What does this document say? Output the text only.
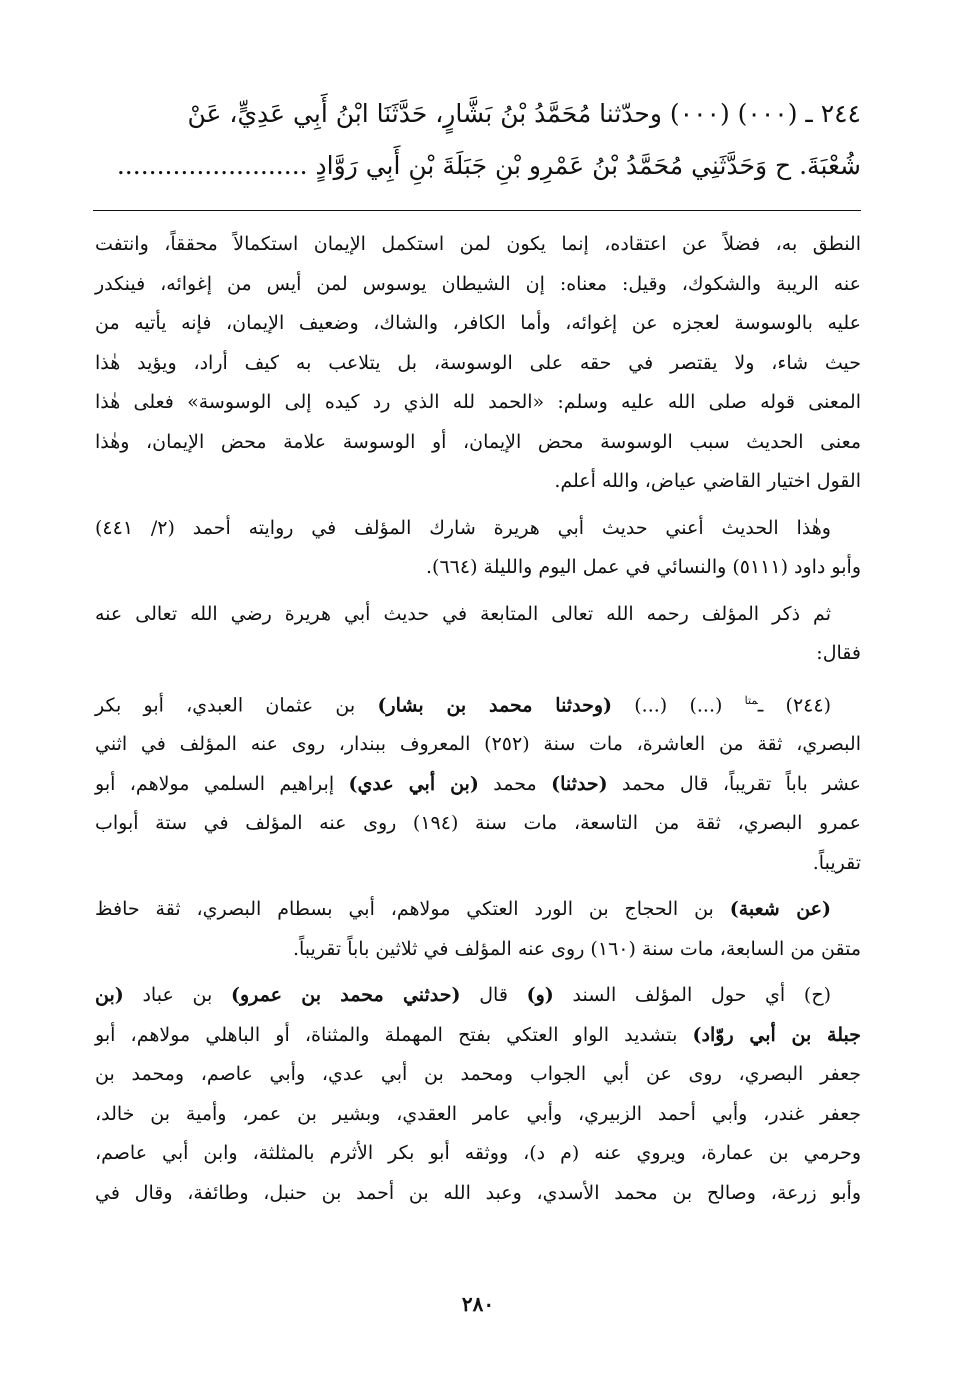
٢٤٤ ـ (٠٠٠) (٠٠٠) وحدّثنا مُحَمَّدُ بْنُ بَشَّارٍ، حَدَّثَنَا ابْنُ أَبِي عَدِيٍّ، عَنْ
شُعْبَةَ. ح وَحَدَّثَنِي مُحَمَّدُ بْنُ عَمْرِو بْنِ جَبَلَةَ بْنِ أَبِي رَوَّادٍ ........................
النطق به، فضلاً عن اعتقاده، إنما يكون لمن استكمل الإيمان استكمالاً محققاً، وانتفت
عنه الريبة والشكوك، وقيل: معناه: إن الشيطان يوسوس لمن أيس من إغوائه، فينكدر
عليه بالوسوسة لعجزه عن إغوائه، وأما الكافر، والشاك، وضعيف الإيمان، فإنه يأتيه من
حيث شاء، ولا يقتصر في حقه على الوسوسة، بل يتلاعب به كيف أراد، ويؤيد هٰذا
المعنى قوله صلى الله عليه وسلم: «الحمد لله الذي رد كيده إلى الوسوسة» فعلى هٰذا
معنى الحديث سبب الوسوسة محض الإيمان، أو الوسوسة علامة محض الإيمان، وهٰذا
القول اختيار القاضي عياض، والله أعلم.
وهٰذا الحديث أعني حديث أبي هريرة شارك المؤلف في روايته أحمد (٢/ ٤٤١)
وأبو داود (٥١١١) والنسائي في عمل اليوم والليلة (٦٦٤).
ثم ذكر المؤلف رحمه الله تعالى المتابعة في حديث أبي هريرة رضي الله تعالى عنه
فقال:
(٢٤٤) ـ$^{متا}$ (...) (...) (وحدثنا محمد بن بشار) بن عثمان العبدي، أبو بكر
البصري، ثقة من العاشرة، مات سنة (٢٥٢) المعروف ببندار، روى عنه المؤلف في اثني
عشر باباً تقريباً، قال محمد (حدثنا) محمد (بن أبي عدي) إبراهيم السلمي مولاهم، أبو
عمرو البصري، ثقة من التاسعة، مات سنة (١٩٤) روى عنه المؤلف في ستة أبواب
تقريباً.
(عن شعبة) بن الحجاج بن الورد العتكي مولاهم، أبي بسطام البصري، ثقة حافظ
متقن من السابعة، مات سنة (١٦٠) روى عنه المؤلف في ثلاثين باباً تقريباً.
(ح) أي حول المؤلف السند (و) قال (حدثني محمد بن عمرو) بن عباد (بن
جبلة بن أبي روّاد) بتشديد الواو العتكي بفتح المهملة والمثناة، أو الباهلي مولاهم، أبو
جعفر البصري، روى عن أبي الجواب ومحمد بن أبي عدي، وأبي عاصم، ومحمد بن
جعفر غندر، وأبي أحمد الزبيري، وأبي عامر العقدي، وبشير بن عمر، وأمية بن خالد،
وحرمي بن عمارة، ويروي عنه (م د)، ووثقه أبو بكر الأثرم بالمثلثة، وابن أبي عاصم،
وأبو زرعة، وصالح بن محمد الأسدي، وعبد الله بن أحمد بن حنبل، وطائفة، وقال في
٢٨٠
